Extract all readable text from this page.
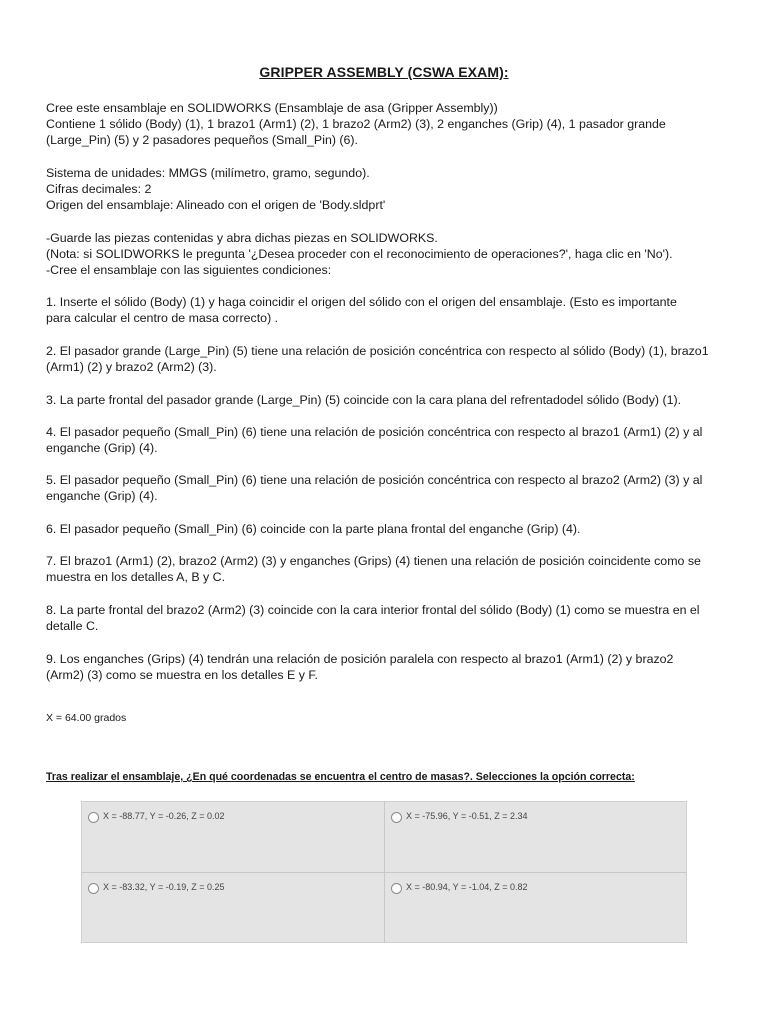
GRIPPER ASSEMBLY (CSWA EXAM):

Cree este ensamblaje en SOLIDWORKS (Ensamblaje de asa (Gripper Assembly))

Contiene 1 sólido (Body) (1), 1 brazo1 (Arm1) (2), 1 brazo2 (Arm2) (3), 2 enganches (Grip) (4), 1 pasador grande

(Large_Pin) (5) y 2 pasadores pequeños (Small_Pin) (6).

Sistema de unidades: MMGS (milímetro, gramo, segundo).

Cifras decimales: 2

Origen del ensamblaje: Alineado con el origen de 'Body.sldprt'

-Guarde las piezas contenidas y abra dichas piezas en SOLIDWORKS.

(Nota: si SOLIDWORKS le pregunta '¿Desea proceder con el reconocimiento de operaciones?', haga clic en 'No').

-Cree el ensamblaje con las siguientes condiciones:

1. Inserte el sólido (Body) (1) y haga coincidir el origen del sólido con el origen del ensamblaje. (Esto es importante

para calcular el centro de masa correcto) .

2. El pasador grande (Large_Pin) (5) tiene una relación de posición concéntrica con respecto al sólido (Body) (1), brazo1

(Arm1) (2) y brazo2 (Arm2) (3).

3. La parte frontal del pasador grande (Large_Pin) (5) coincide con la cara plana del refrentadodel sólido (Body) (1).

4. El pasador pequeño (Small_Pin) (6) tiene una relación de posición concéntrica con respecto al brazo1 (Arm1) (2) y al

enganche (Grip) (4).

5. El pasador pequeño (Small_Pin) (6) tiene una relación de posición concéntrica con respecto al brazo2 (Arm2) (3) y al

enganche (Grip) (4).

6. El pasador pequeño (Small_Pin) (6) coincide con la parte plana frontal del enganche (Grip) (4).

7. El brazo1 (Arm1) (2), brazo2 (Arm2) (3) y enganches (Grips) (4) tienen una relación de posición coincidente como se

muestra en los detalles A, B y C.

8. La parte frontal del brazo2 (Arm2) (3) coincide con la cara interior frontal del sólido (Body) (1) como se muestra en el

detalle C.

9. Los enganches (Grips) (4) tendrán una relación de posición paralela con respecto al brazo1 (Arm1) (2) y brazo2

(Arm2) (3) como se muestra en los detalles E y F.

X = 64.00 grados
Tras realizar el ensamblaje, ¿En qué coordenadas se encuentra el centro de masas?. Selecciones la opción correcta:
X = -88.77, Y = -0.26, Z = 0.02	X = -75.96, Y = -0.51, Z = 2.34
X = -83.32, Y = -0.19, Z = 0.25	X = -80.94, Y = -1.04, Z = 0.82
